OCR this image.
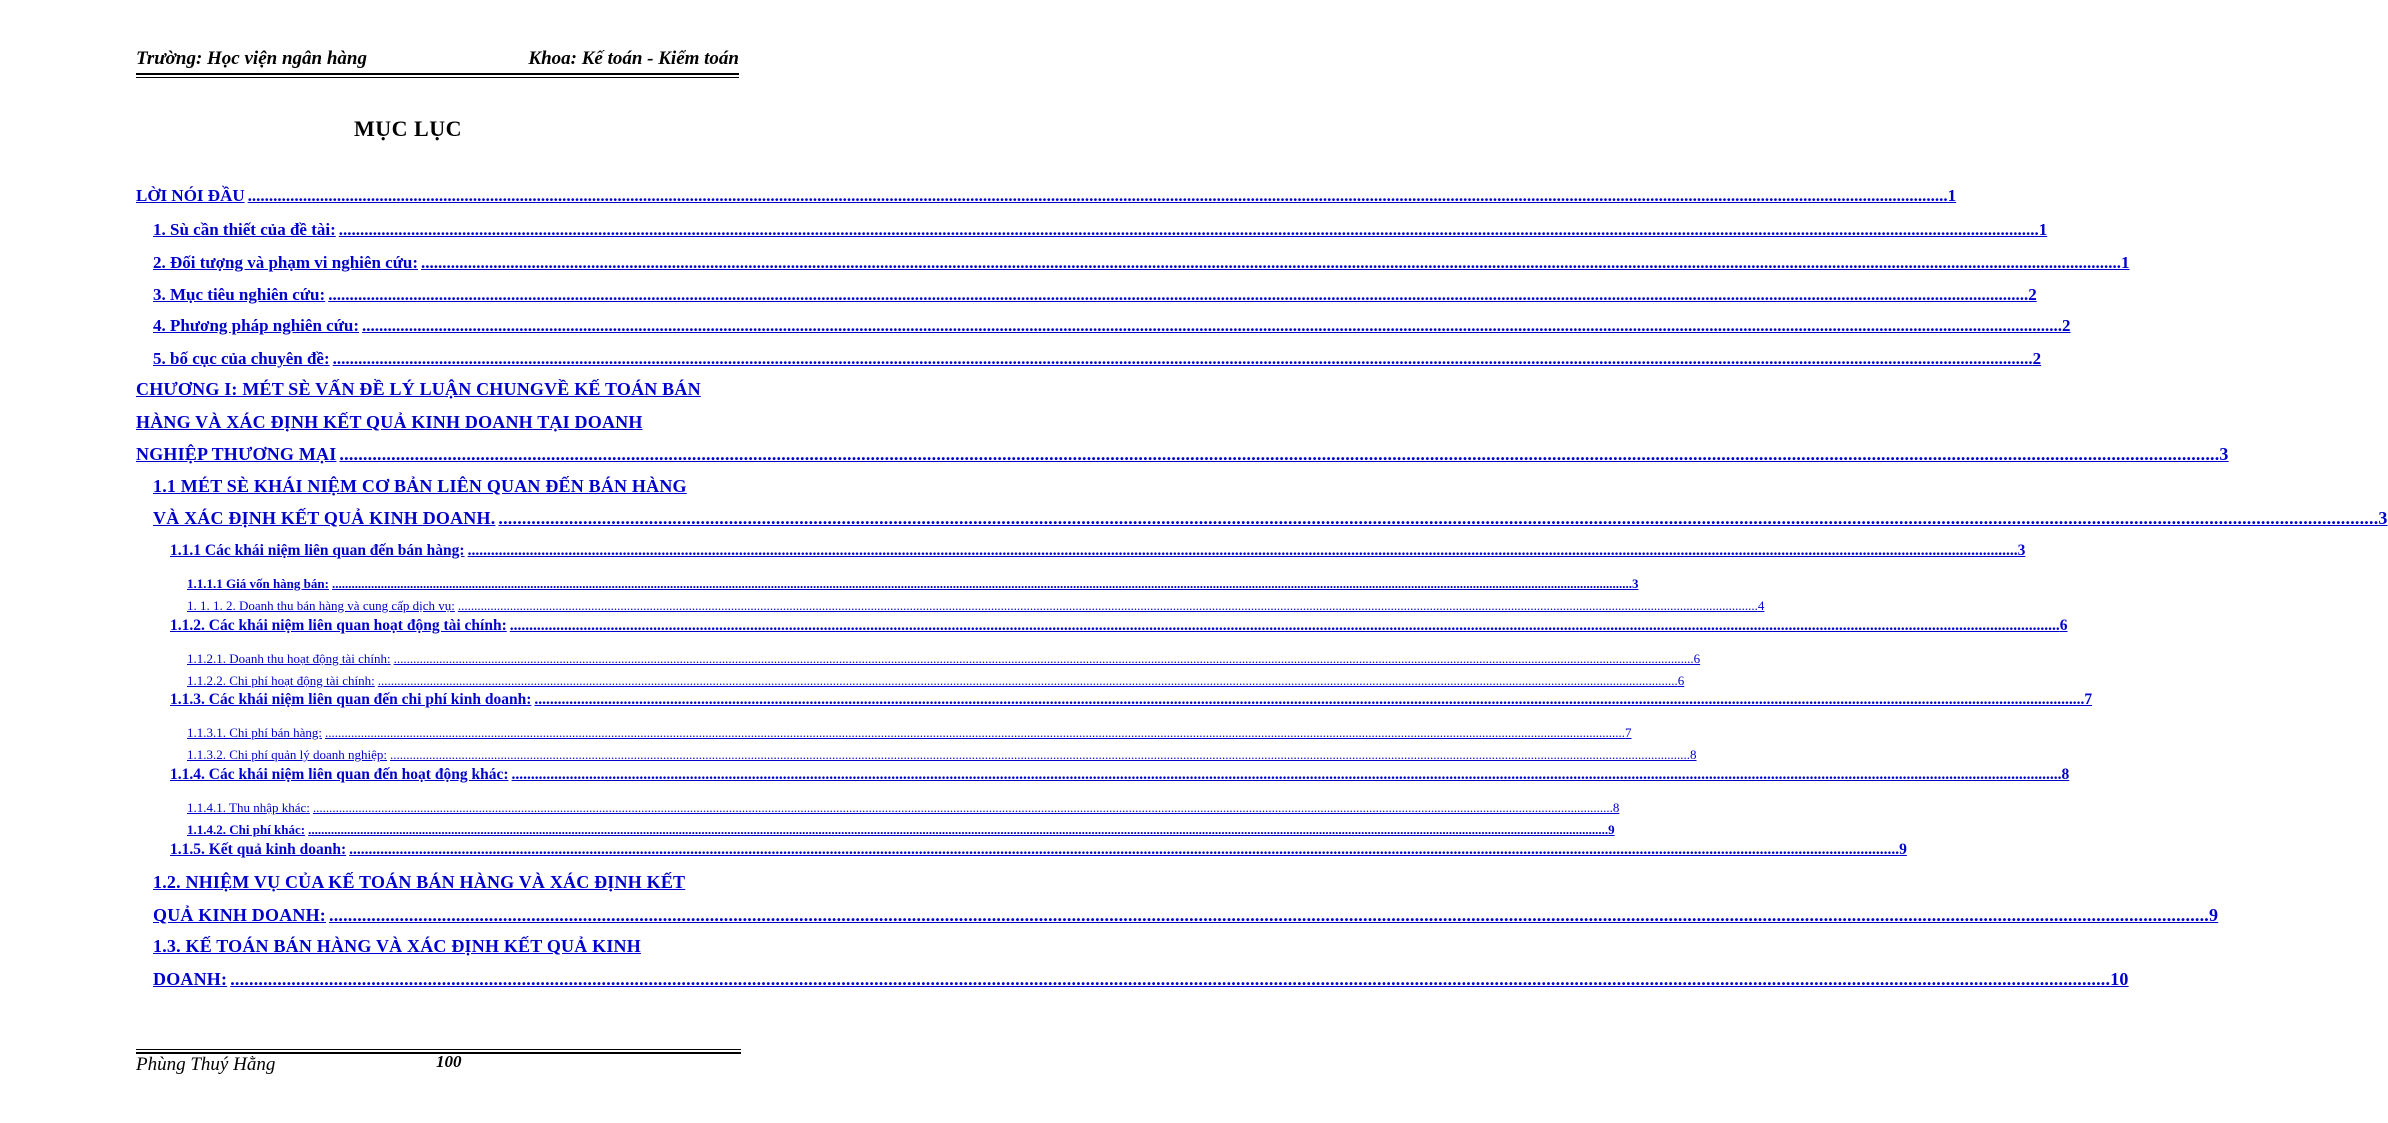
Trường: Học viện ngân hàng	Khoa: Kế toán - Kiểm toán
MỤC LỤC
LỜI NÓI ĐẦU ................................................................................................................................................................................................................................................................................................................................................................................................................ 1
1. Sù cần thiết của đề tài: ................................................................................................................................................................................................................................................................................................................................................................................................................ 1
2. Đối tượng và phạm vi nghiên cứu: ................................................................................................................................................................................................................................................................................................................................................................................................................ 1
3. Mục tiêu nghiên cứu: ................................................................................................................................................................................................................................................................................................................................................................................................................ 2
4. Phương pháp nghiên cứu: ................................................................................................................................................................................................................................................................................................................................................................................................................ 2
5. bố cục của chuyên đề: ................................................................................................................................................................................................................................................................................................................................................................................................................ 2
CHƯƠNG I: MÉT SÈ VẤN ĐỀ LÝ LUẬN CHUNGVỀ KẾ TOÁN BÁN
HÀNG VÀ XÁC ĐỊNH KẾT QUẢ KINH DOANH TẠI DOANH
NGHIỆP THƯƠNG MẠI ................................................................................................................................................................................................................................................................................................................................................................................................................ 3
1.1 MÉT SÈ KHÁI NIỆM CƠ BẢN LIÊN QUAN ĐẾN BÁN HÀNG
VÀ XÁC ĐỊNH KẾT QUẢ KINH DOANH. ................................................................................................................................................................................................................................................................................................................................................................................................................ 3
1.1.1 Các khái niệm liên quan đến bán hàng: ................................................................................................................................................................................................................................................................................................................................................................................................................ 3
1.1.1.1 Giá vốn hàng bán: ................................................................................................................................................................................................................................................................................................................................................................................................................ 3
1. 1. 1. 2. Doanh thu bán hàng và cung cấp dịch vụ: ................................................................................................................................................................................................................................................................................................................................................................................................................ 4
1.1.2. Các khái niệm liên quan hoạt động tài chính: ................................................................................................................................................................................................................................................................................................................................................................................................................ 6
1.1.2.1. Doanh thu hoạt động tài chính: ................................................................................................................................................................................................................................................................................................................................................................................................................ 6
1.1.2.2. Chi phí hoạt động tài chính: ................................................................................................................................................................................................................................................................................................................................................................................................................ 6
1.1.3. Các khái niệm liên quan đến chi phí kinh doanh: ................................................................................................................................................................................................................................................................................................................................................................................................................ 7
1.1.3.1. Chi phí bán hàng: ................................................................................................................................................................................................................................................................................................................................................................................................................ 7
1.1.3.2. Chi phí quản lý doanh nghiệp: ................................................................................................................................................................................................................................................................................................................................................................................................................ 8
1.1.4. Các khái niệm liên quan đến hoạt động khác: ................................................................................................................................................................................................................................................................................................................................................................................................................ 8
1.1.4.1. Thu nhập khác: ................................................................................................................................................................................................................................................................................................................................................................................................................ 8
1.1.4.2. Chi phí khác: ................................................................................................................................................................................................................................................................................................................................................................................................................ 9
1.1.5. Kết quả kinh doanh: ................................................................................................................................................................................................................................................................................................................................................................................................................ 9
1.2. NHIỆM VỤ CỦA KẾ TOÁN BÁN HÀNG VÀ XÁC ĐỊNH KẾT
QUẢ KINH DOANH: ................................................................................................................................................................................................................................................................................................................................................................................................................ 9
1.3. KẾ TOÁN BÁN HÀNG VÀ XÁC ĐỊNH KẾT QUẢ KINH
DOANH: ................................................................................................................................................................................................................................................................................................................................................................................................................ 10
Phùng Thuý Hằng	100
